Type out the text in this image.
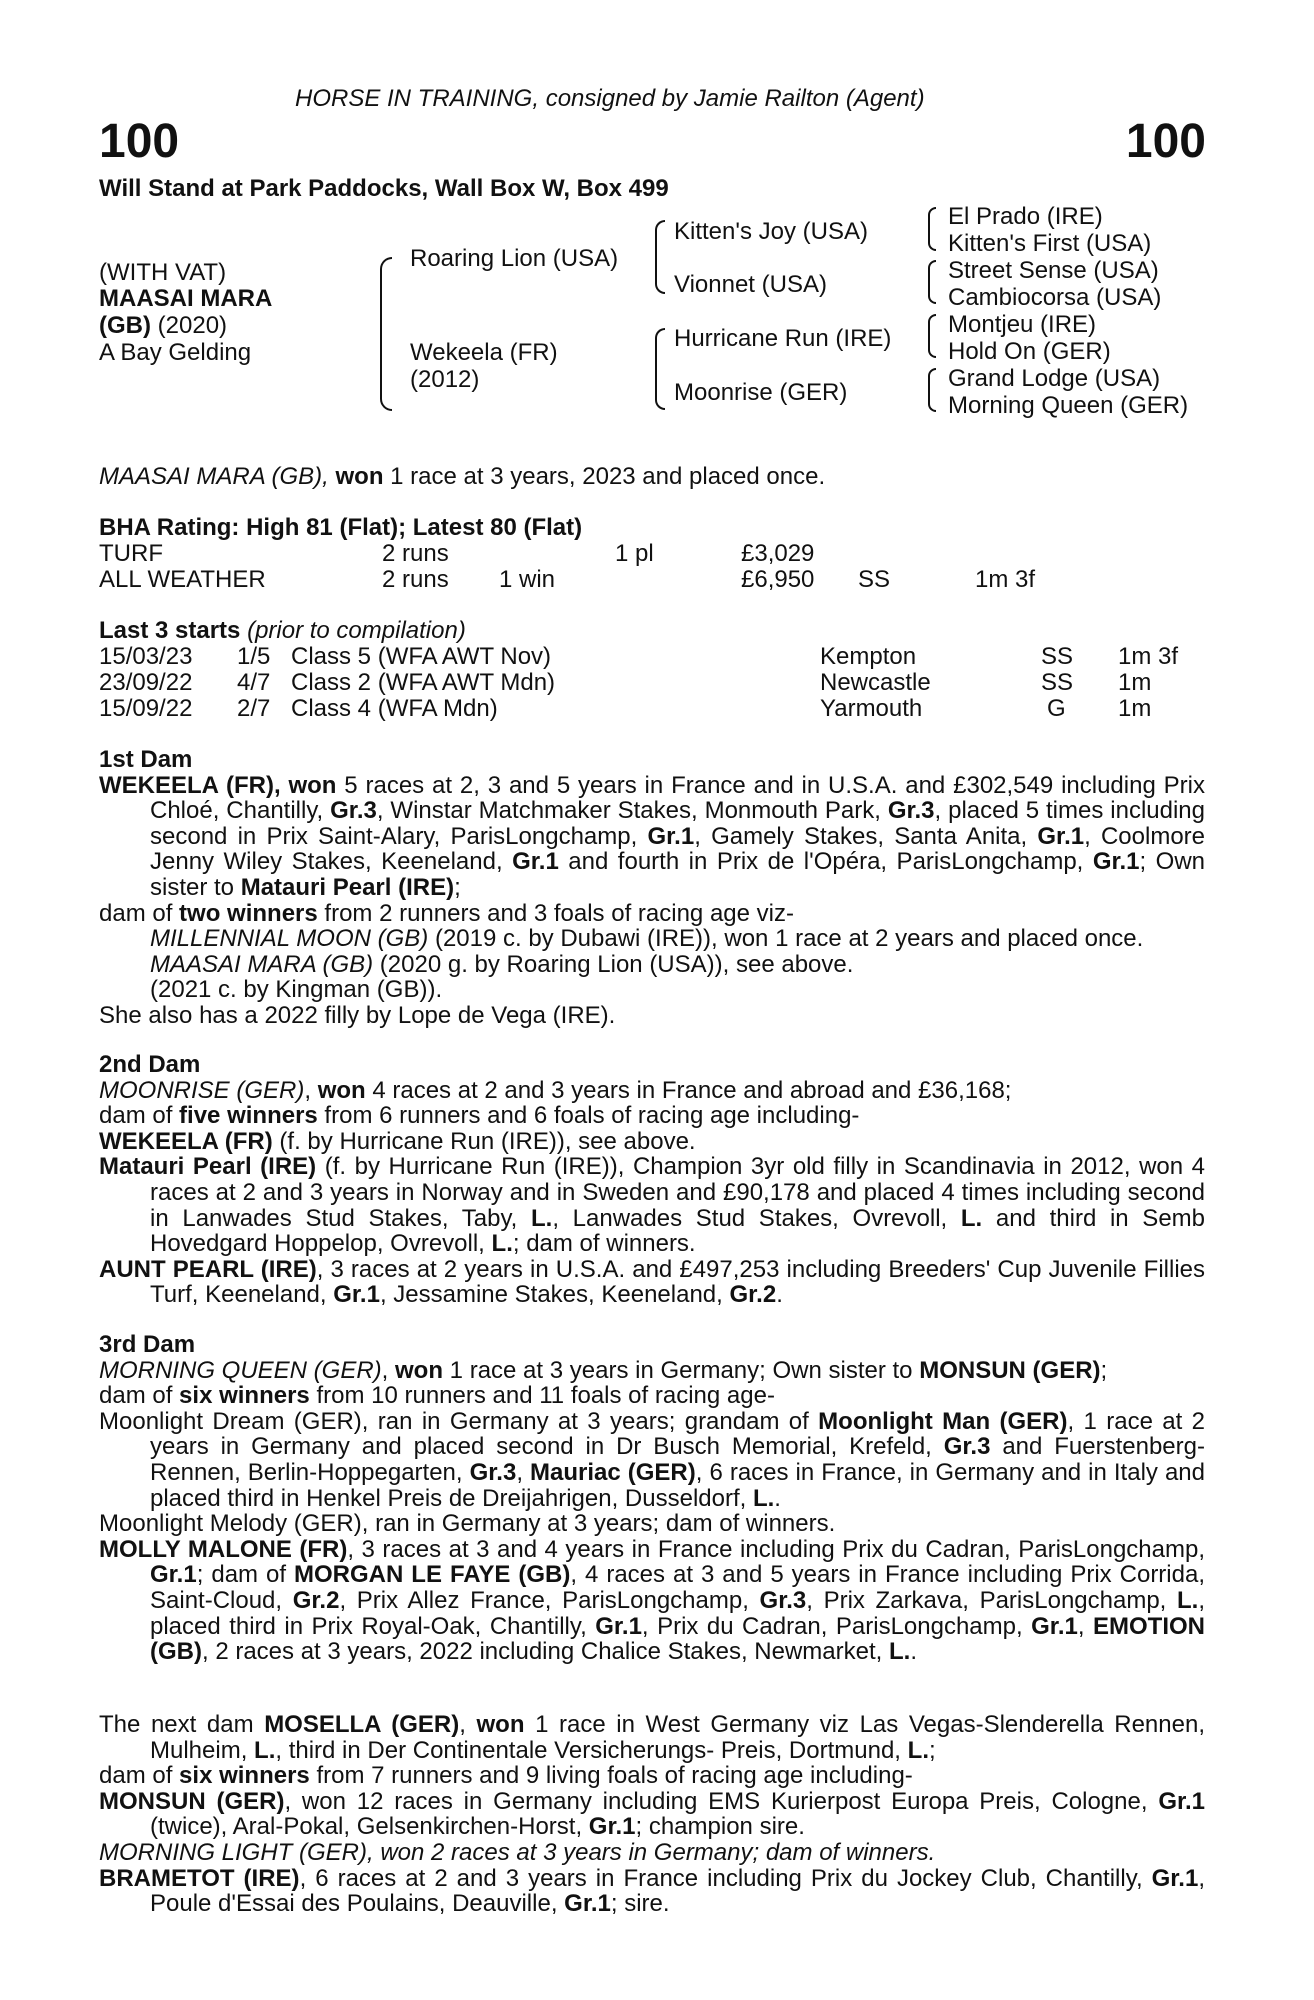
HORSE IN TRAINING, consigned by Jamie Railton (Agent)
100	100
Will Stand at Park Paddocks, Wall Box W, Box 499
(WITH VAT)
MAASAI MARA
(GB) (2020)
A Bay Gelding
Roaring Lion (USA)
Wekeela (FR)
(2012)
Kitten's Joy (USA)
Vionnet (USA)
Hurricane Run (IRE)
Moonrise (GER)
El Prado (IRE)
Kitten's First (USA)
Street Sense (USA)
Cambiocorsa (USA)
Montjeu (IRE)
Hold On (GER)
Grand Lodge (USA)
Morning Queen (GER)
MAASAI MARA (GB), won 1 race at 3 years, 2023 and placed once.
BHA Rating: High 81 (Flat); Latest 80 (Flat)
TURF	2 runs	1 pl	£3,029
ALL WEATHER	2 runs 1 win	£6,950 SS	1m 3f
Last 3 starts (prior to compilation)
15/03/23 1/5 Class 5 (WFA AWT Nov)	Kempton	SS 1m 3f
23/09/22 4/7 Class 2 (WFA AWT Mdn)	Newcastle	SS 1m
15/09/22 2/7 Class 4 (WFA Mdn)	Yarmouth	G 1m

1st Dam

WEKEELA (FR), won 5 races at 2, 3 and 5 years in France and in U.S.A. and £302,549 including Prix Chloé, Chantilly, Gr.3, Winstar Matchmaker Stakes, Monmouth Park, Gr.3, placed 5 times including second in Prix Saint-Alary, ParisLongchamp, Gr.1, Gamely Stakes, Santa Anita, Gr.1, Coolmore Jenny Wiley Stakes, Keeneland, Gr.1 and fourth in Prix de l'Opéra, ParisLongchamp, Gr.1; Own sister to Matauri Pearl (IRE);

dam of two winners from 2 runners and 3 foals of racing age viz-

MILLENNIAL MOON (GB) (2019 c. by Dubawi (IRE)), won 1 race at 2 years and placed once.

MAASAI MARA (GB) (2020 g. by Roaring Lion (USA)), see above.

(2021 c. by Kingman (GB)).

She also has a 2022 filly by Lope de Vega (IRE).

2nd Dam

MOONRISE (GER), won 4 races at 2 and 3 years in France and abroad and £36,168;

dam of five winners from 6 runners and 6 foals of racing age including-

WEKEELA (FR) (f. by Hurricane Run (IRE)), see above.

Matauri Pearl (IRE) (f. by Hurricane Run (IRE)), Champion 3yr old filly in Scandinavia in 2012, won 4 races at 2 and 3 years in Norway and in Sweden and £90,178 and placed 4 times including second in Lanwades Stud Stakes, Taby, L., Lanwades Stud Stakes, Ovrevoll, L. and third in Semb Hovedgard Hoppelop, Ovrevoll, L.; dam of winners.

AUNT PEARL (IRE), 3 races at 2 years in U.S.A. and £497,253 including Breeders' Cup Juvenile Fillies Turf, Keeneland, Gr.1, Jessamine Stakes, Keeneland, Gr.2.

3rd Dam

MORNING QUEEN (GER), won 1 race at 3 years in Germany; Own sister to MONSUN (GER);

dam of six winners from 10 runners and 11 foals of racing age-

Moonlight Dream (GER), ran in Germany at 3 years; grandam of Moonlight Man (GER), 1 race at 2 years in Germany and placed second in Dr Busch Memorial, Krefeld, Gr.3 and Fuerstenberg-Rennen, Berlin-Hoppegarten, Gr.3, Mauriac (GER), 6 races in France, in Germany and in Italy and placed third in Henkel Preis de Dreijahrigen, Dusseldorf, L..

Moonlight Melody (GER), ran in Germany at 3 years; dam of winners.

MOLLY MALONE (FR), 3 races at 3 and 4 years in France including Prix du Cadran, ParisLongchamp, Gr.1; dam of MORGAN LE FAYE (GB), 4 races at 3 and 5 years in France including Prix Corrida, Saint-Cloud, Gr.2, Prix Allez France, ParisLongchamp, Gr.3, Prix Zarkava, ParisLongchamp, L., placed third in Prix Royal-Oak, Chantilly, Gr.1, Prix du Cadran, ParisLongchamp, Gr.1, EMOTION (GB), 2 races at 3 years, 2022 including Chalice Stakes, Newmarket, L..

The next dam MOSELLA (GER), won 1 race in West Germany viz Las Vegas-Slenderella Rennen, Mulheim, L., third in Der Continentale Versicherungs- Preis, Dortmund, L.;

dam of six winners from 7 runners and 9 living foals of racing age including-

MONSUN (GER), won 12 races in Germany including EMS Kurierpost Europa Preis, Cologne, Gr.1 (twice), Aral-Pokal, Gelsenkirchen-Horst, Gr.1; champion sire.

MORNING LIGHT (GER), won 2 races at 3 years in Germany; dam of winners.

BRAMETOT (IRE), 6 races at 2 and 3 years in France including Prix du Jockey Club, Chantilly, Gr.1, Poule d'Essai des Poulains, Deauville, Gr.1; sire.
